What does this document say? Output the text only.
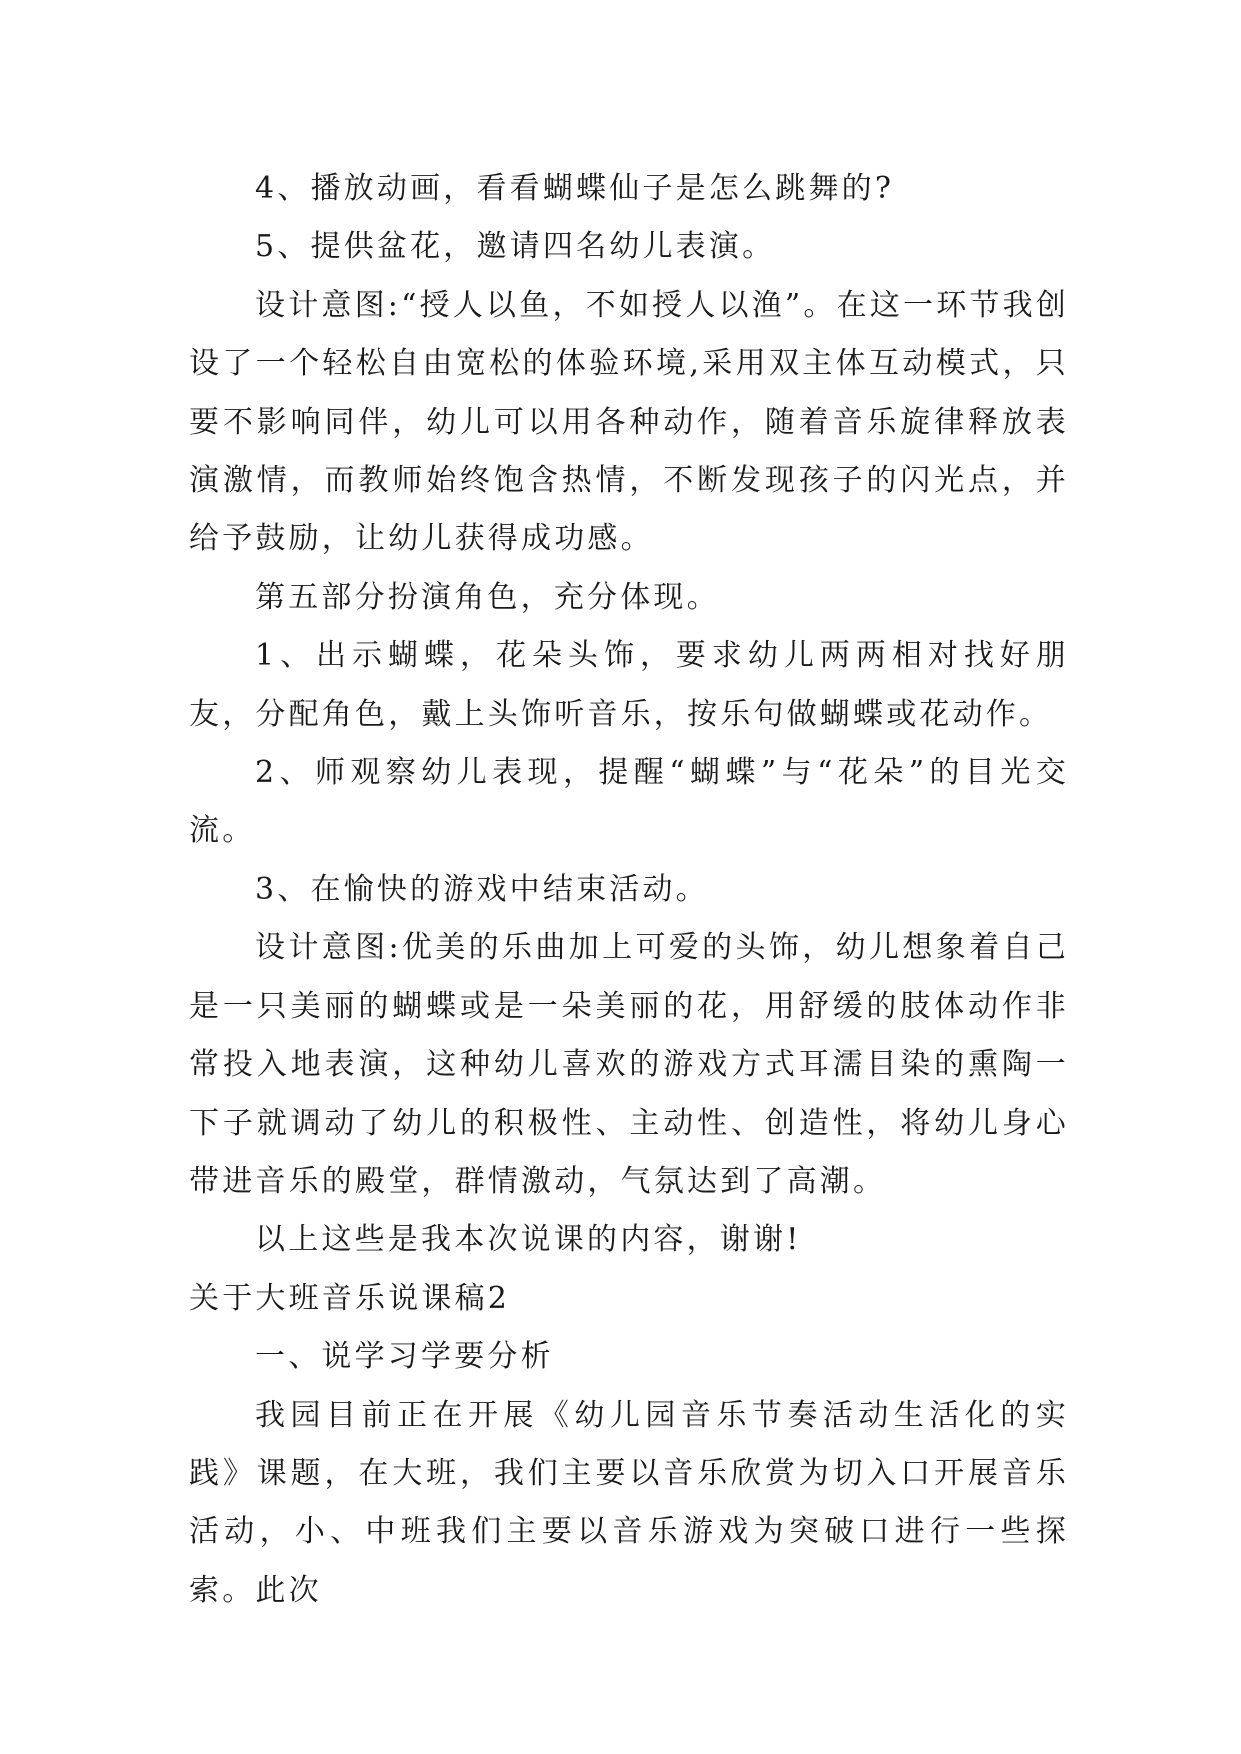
4、播放动画，看看蝴蝶仙子是怎么跳舞的?

5、提供盆花，邀请四名幼儿表演。

设计意图:“授人以鱼，不如授人以渔”。在这一环节我创设了一个轻松自由宽松的体验环境,采用双主体互动模式，只要不影响同伴，幼儿可以用各种动作，随着音乐旋律释放表演激情，而教师始终饱含热情，不断发现孩子的闪光点，并给予鼓励，让幼儿获得成功感。

第五部分扮演角色，充分体现。

1、出示蝴蝶，花朵头饰，要求幼儿两两相对找好朋友，分配角色，戴上头饰听音乐，按乐句做蝴蝶或花动作。

2、师观察幼儿表现，提醒“蝴蝶”与“花朵”的目光交流。

3、在愉快的游戏中结束活动。

设计意图:优美的乐曲加上可爱的头饰，幼儿想象着自己是一只美丽的蝴蝶或是一朵美丽的花，用舒缓的肢体动作非常投入地表演，这种幼儿喜欢的游戏方式耳濡目染的熏陶一下子就调动了幼儿的积极性、主动性、创造性，将幼儿身心带进音乐的殿堂，群情激动，气氛达到了高潮。

以上这些是我本次说课的内容，谢谢!

关于大班音乐说课稿2

一、说学习学要分析

我园目前正在开展《幼儿园音乐节奏活动生活化的实践》课题，在大班，我们主要以音乐欣赏为切入口开展音乐活动，小、中班我们主要以音乐游戏为突破口进行一些探索。此次
